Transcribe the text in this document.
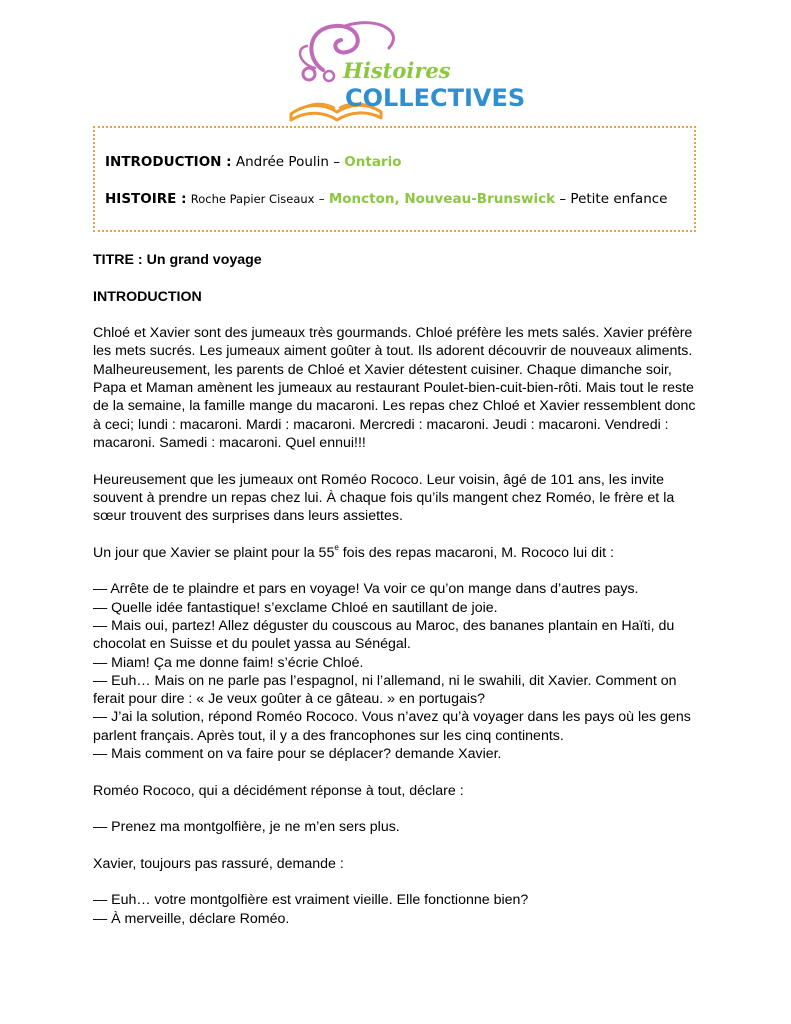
Histoires
COLLECTIVES
INTRODUCTION : Andrée Poulin – Ontario
HISTOIRE : Roche Papier Ciseaux – Moncton, Nouveau-Brunswick – Petite enfance

TITRE : Un grand voyage

INTRODUCTION

Chloé et Xavier sont des jumeaux très gourmands. Chloé préfère les mets salés. Xavier préfère

les mets sucrés. Les jumeaux aiment goûter à tout. Ils adorent découvrir de nouveaux aliments.

Malheureusement, les parents de Chloé et Xavier détestent cuisiner. Chaque dimanche soir,

Papa et Maman amènent les jumeaux au restaurant Poulet-bien-cuit-bien-rôti. Mais tout le reste

de la semaine, la famille mange du macaroni. Les repas chez Chloé et Xavier ressemblent donc

à ceci; lundi : macaroni. Mardi : macaroni. Mercredi : macaroni. Jeudi : macaroni. Vendredi :

macaroni. Samedi : macaroni. Quel ennui!!!

Heureusement que les jumeaux ont Roméo Rococo. Leur voisin, âgé de 101 ans, les invite

souvent à prendre un repas chez lui. À chaque fois qu’ils mangent chez Roméo, le frère et la

sœur trouvent des surprises dans leurs assiettes.

Un jour que Xavier se plaint pour la 55e fois des repas macaroni, M. Rococo lui dit :

— Arrête de te plaindre et pars en voyage! Va voir ce qu’on mange dans d’autres pays.

— Quelle idée fantastique! s’exclame Chloé en sautillant de joie.

— Mais oui, partez! Allez déguster du couscous au Maroc, des bananes plantain en Haïti, du

chocolat en Suisse et du poulet yassa au Sénégal.

— Miam! Ça me donne faim! s’écrie Chloé.

— Euh… Mais on ne parle pas l’espagnol, ni l’allemand, ni le swahili, dit Xavier. Comment on

ferait pour dire : « Je veux goûter à ce gâteau. » en portugais?

— J’ai la solution, répond Roméo Rococo. Vous n’avez qu’à voyager dans les pays où les gens

parlent français. Après tout, il y a des francophones sur les cinq continents.

— Mais comment on va faire pour se déplacer? demande Xavier.

Roméo Rococo, qui a décidément réponse à tout, déclare :

— Prenez ma montgolfière, je ne m’en sers plus.

Xavier, toujours pas rassuré, demande :

— Euh… votre montgolfière est vraiment vieille. Elle fonctionne bien?

— À merveille, déclare Roméo.
